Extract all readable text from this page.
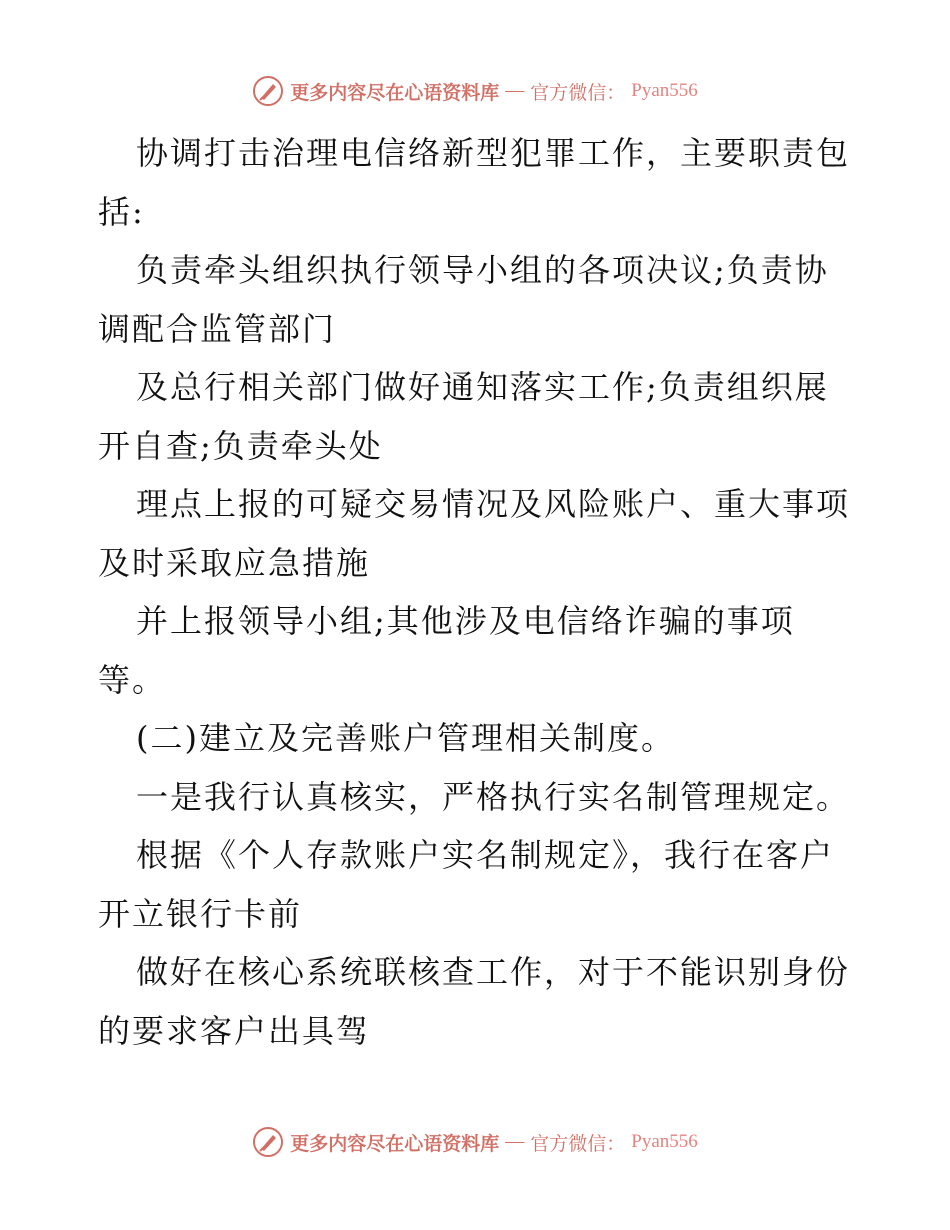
更多内容尽在心语资料库 — 官方微信： Pyan556
协调打击治理电信络新型犯罪工作，主要职责包
括:
负责牵头组织执行领导小组的各项决议;负责协
调配合监管部门
及总行相关部门做好通知落实工作;负责组织展
开自查;负责牵头处
理点上报的可疑交易情况及风险账户、重大事项
及时采取应急措施
并上报领导小组;其他涉及电信络诈骗的事项
等。
(二)建立及完善账户管理相关制度。
一是我行认真核实，严格执行实名制管理规定。
根据《个人存款账户实名制规定》，我行在客户
开立银行卡前
做好在核心系统联核查工作，对于不能识别身份
的要求客户出具驾
更多内容尽在心语资料库 — 官方微信： Pyan556
